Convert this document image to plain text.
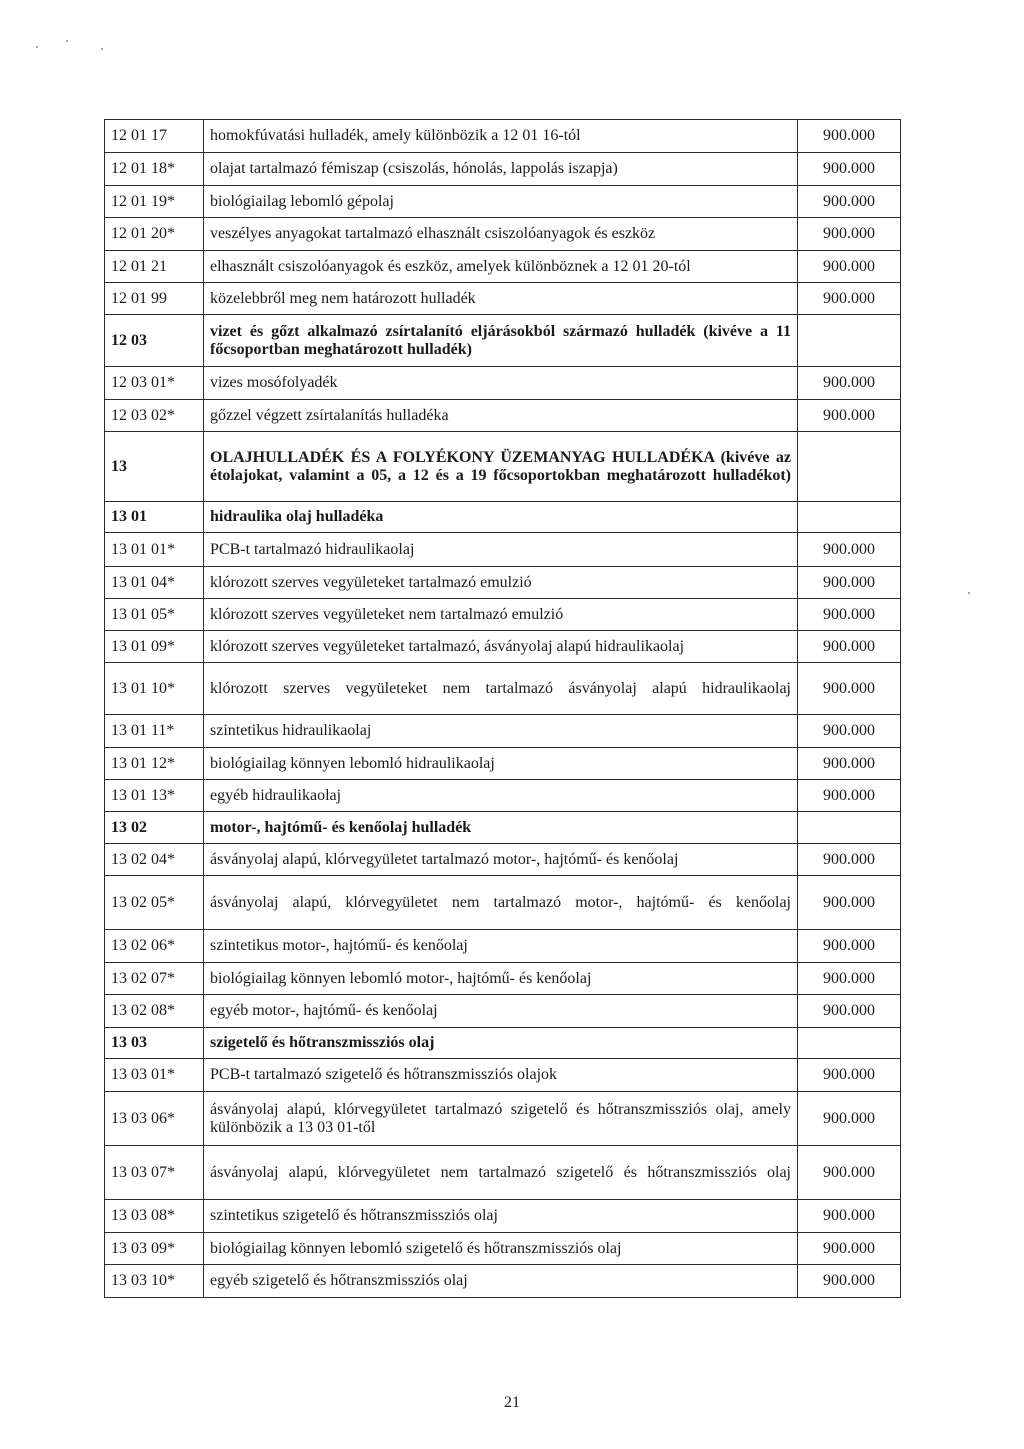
12 01 17	homokfúvatási hulladék, amely különbözik a 12 01 16-tól	900.000
12 01 18*	olajat tartalmazó fémiszap (csiszolás, hónolás, lappolás iszapja)	900.000
12 01 19*	biológiailag lebomló gépolaj	900.000
12 01 20*	veszélyes anyagokat tartalmazó elhasznált csiszolóanyagok és eszköz	900.000
12 01 21	elhasznált csiszolóanyagok és eszköz, amelyek különböznek a 12 01 20-tól	900.000
12 01 99	közelebbről meg nem határozott hulladék	900.000
12 03	vizet és gőzt alkalmazó zsírtalanító eljárásokból származó hulladék (kivéve a 11 főcsoportban meghatározott hulladék)	
12 03 01*	vizes mosófolyadék	900.000
12 03 02*	gőzzel végzett zsírtalanítás hulladéka	900.000
13	OLAJHULLADÉK ÉS A FOLYÉKONY ÜZEMANYAG HULLADÉKA (kivéve az étolajokat, valamint a 05, a 12 és a 19 főcsoportokban meghatározott hulladékot)	
13 01	hidraulika olaj hulladéka	
13 01 01*	PCB-t tartalmazó hidraulikaolaj	900.000
13 01 04*	klórozott szerves vegyületeket tartalmazó emulzió	900.000
13 01 05*	klórozott szerves vegyületeket nem tartalmazó emulzió	900.000
13 01 09*	klórozott szerves vegyületeket tartalmazó, ásványolaj alapú hidraulikaolaj	900.000
13 01 10*	klórozott szerves vegyületeket nem tartalmazó ásványolaj alapú hidraulikaolaj	900.000
13 01 11*	szintetikus hidraulikaolaj	900.000
13 01 12*	biológiailag könnyen lebomló hidraulikaolaj	900.000
13 01 13*	egyéb hidraulikaolaj	900.000
13 02	motor-, hajtómű- és kenőolaj hulladék	
13 02 04*	ásványolaj alapú, klórvegyületet tartalmazó motor-, hajtómű- és kenőolaj	900.000
13 02 05*	ásványolaj alapú, klórvegyületet nem tartalmazó motor-, hajtómű- és kenőolaj	900.000
13 02 06*	szintetikus motor-, hajtómű- és kenőolaj	900.000
13 02 07*	biológiailag könnyen lebomló motor-, hajtómű- és kenőolaj	900.000
13 02 08*	egyéb motor-, hajtómű- és kenőolaj	900.000
13 03	szigetelő és hőtranszmissziós olaj	
13 03 01*	PCB-t tartalmazó szigetelő és hőtranszmissziós olajok	900.000
13 03 06*	ásványolaj alapú, klórvegyületet tartalmazó szigetelő és hőtranszmissziós olaj, amely különbözik a 13 03 01-től	900.000
13 03 07*	ásványolaj alapú, klórvegyületet nem tartalmazó szigetelő és hőtranszmissziós olaj	900.000
13 03 08*	szintetikus szigetelő és hőtranszmissziós olaj	900.000
13 03 09*	biológiailag könnyen lebomló szigetelő és hőtranszmissziós olaj	900.000
13 03 10*	egyéb szigetelő és hőtranszmissziós olaj	900.000
21
